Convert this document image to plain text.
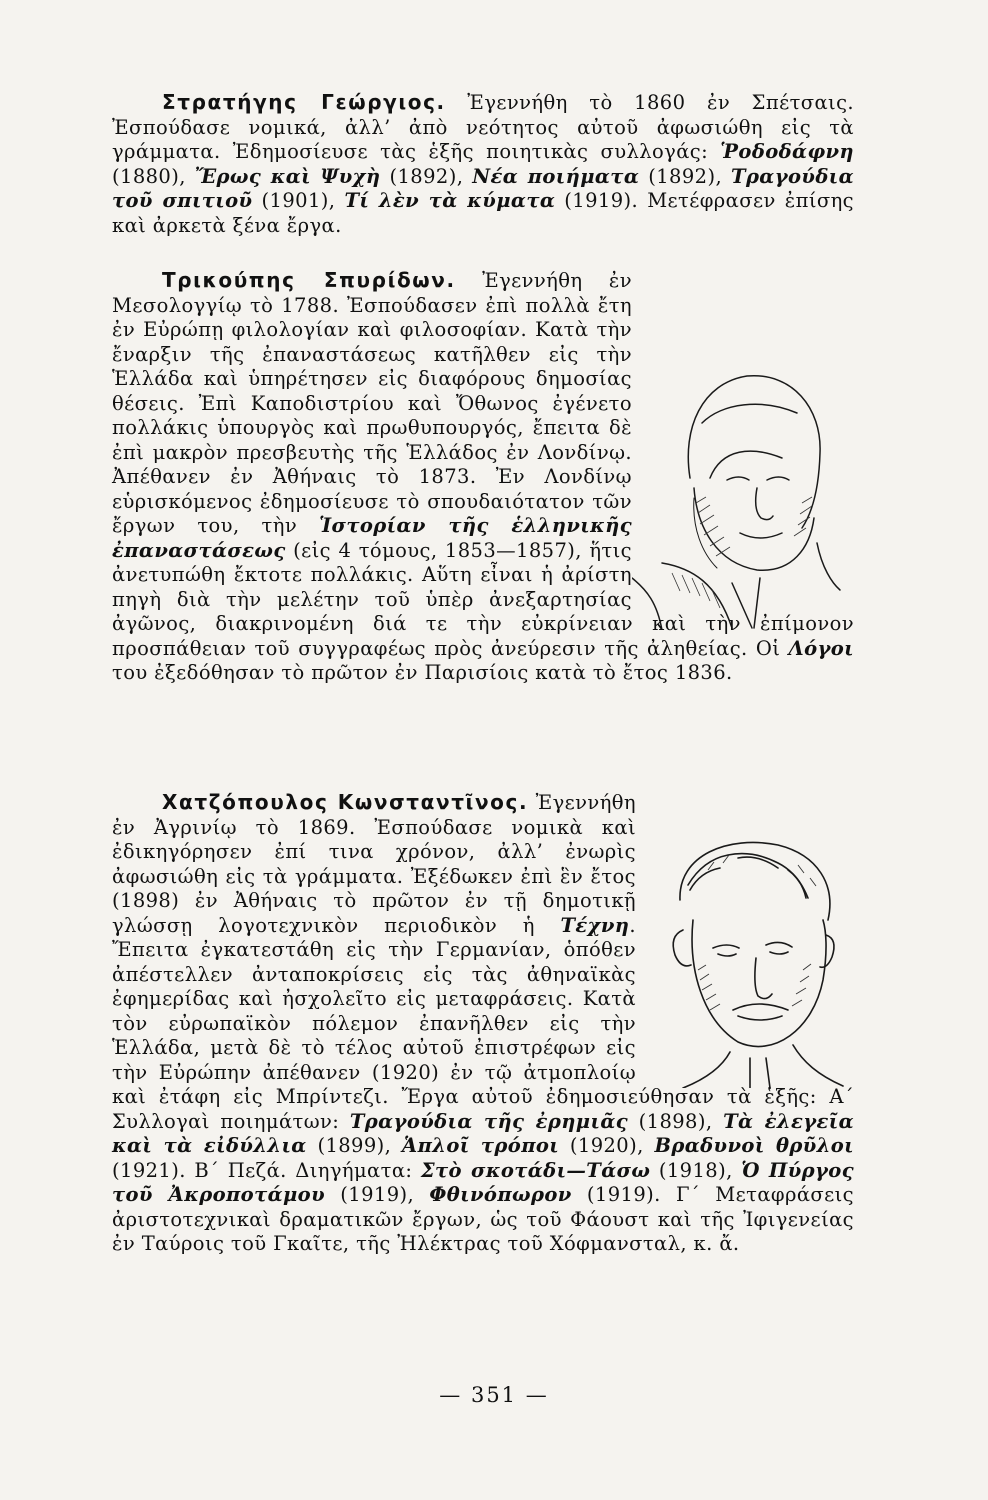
Στρατήγης Γεώργιος. Ἐγεννήθη τὸ 1860 ἐν Σπέτσαις. Ἐσπούδασε νομικά, ἀλλ’ ἀπὸ νεότητος αὐτοῦ ἀφωσιώθη εἰς τὰ γράμματα. Ἐδημοσίευσε τὰς ἑξῆς ποιητικὰς συλλογάς: Ῥοδοδάφνη (1880), Ἔρως καὶ Ψυχὴ (1892), Νέα ποιήματα (1892), Τραγούδια τοῦ σπιτιοῦ (1901), Τί λὲν τὰ κύματα (1919). Μετέφρασεν ἐπίσης καὶ ἀρκετὰ ξένα ἔργα.

Τρικούπης Σπυρίδων. Ἐγεννήθη ἐν Μεσολογγίῳ τὸ 1788. Ἐσπούδασεν ἐπὶ πολλὰ ἔτη ἐν Εὐρώπῃ φιλολογίαν καὶ φιλοσοφίαν. Κατὰ τὴν ἔναρξιν τῆς ἐπαναστάσεως κατῆλθεν εἰς τὴν Ἑλλάδα καὶ ὑπηρέτησεν εἰς διαφόρους δημοσίας θέσεις. Ἐπὶ Καποδιστρίου καὶ Ὄθωνος ἐγένετο πολλάκις ὑπουργὸς καὶ πρωθυπουργός, ἔπειτα δὲ ἐπὶ μακρὸν πρεσβευτὴς τῆς Ἑλλάδος ἐν Λονδίνῳ. Ἀπέθανεν ἐν Ἀθήναις τὸ 1873. Ἐν Λονδίνῳ εὑρισκόμενος ἐδημοσίευσε τὸ σπουδαιότατον τῶν ἔργων του, τὴν Ἱστορίαν τῆς ἑλληνικῆς ἐπαναστάσεως (εἰς 4 τόμους, 1853—1857), ἥτις ἀνετυπώθη ἔκτοτε πολλάκις. Αὕτη εἶναι ἡ ἀρίστη πηγὴ διὰ τὴν μελέτην τοῦ ὑπὲρ ἀνεξαρτησίας ἀγῶνος, διακρινομένη διά τε τὴν εὐκρίνειαν καὶ τὴν ἐπίμονον προσπάθειαν τοῦ συγγραφέως πρὸς ἀνεύρεσιν τῆς ἀληθείας. Οἱ Λόγοι του ἐξεδόθησαν τὸ πρῶτον ἐν Παρισίοις κατὰ τὸ ἔτος 1836.

Χατζόπουλος Κωνσταντῖνος. Ἐγεννήθη ἐν Ἀγρινίῳ τὸ 1869. Ἐσπούδασε νομικὰ καὶ ἐδικηγόρησεν ἐπί τινα χρόνον, ἀλλ’ ἐνωρὶς ἀφωσιώθη εἰς τὰ γράμματα. Ἐξέδωκεν ἐπὶ ἓν ἔτος (1898) ἐν Ἀθήναις τὸ πρῶτον ἐν τῇ δημοτικῇ γλώσσῃ λογοτεχνικὸν περιοδικὸν ἡ Τέχνη. Ἔπειτα ἐγκατεστάθη εἰς τὴν Γερμανίαν, ὁπόθεν ἀπέστελλεν ἀνταποκρίσεις εἰς τὰς ἀθηναϊκὰς ἐφημερίδας καὶ ἠσχολεῖτο εἰς μεταφράσεις. Κατὰ τὸν εὐρωπαϊκὸν πόλεμον ἐπανῆλθεν εἰς τὴν Ἑλλάδα, μετὰ δὲ τὸ τέλος αὐτοῦ ἐπιστρέφων εἰς τὴν Εὐρώπην ἀπέθανεν (1920) ἐν τῷ ἀτμοπλοίῳ καὶ ἐτάφη εἰς Μπρίντεζι. Ἔργα αὐτοῦ ἐδημοσιεύθησαν τὰ ἑξῆς: Α΄ Συλλογαὶ ποιημάτων: Τραγούδια τῆς ἐρημιᾶς (1898), Τὰ ἐλεγεῖα καὶ τὰ εἰδύλλια (1899), Ἁπλοῖ τρόποι (1920), Βραδυνοὶ θρῦλοι (1921). Β΄ Πεζά. Διηγήματα: Στὸ σκοτάδι—Τάσω (1918), Ὁ Πύργος τοῦ Ἀκροποτάμου (1919), Φθινόπωρον (1919). Γ΄ Μεταφράσεις ἀριστοτεχνικαὶ δραματικῶν ἔργων, ὡς τοῦ Φάουστ καὶ τῆς Ἰφιγενείας ἐν Ταύροις τοῦ Γκαῖτε, τῆς Ἠλέκτρας τοῦ Χόφμανσταλ, κ. ἄ.

— 351 —
